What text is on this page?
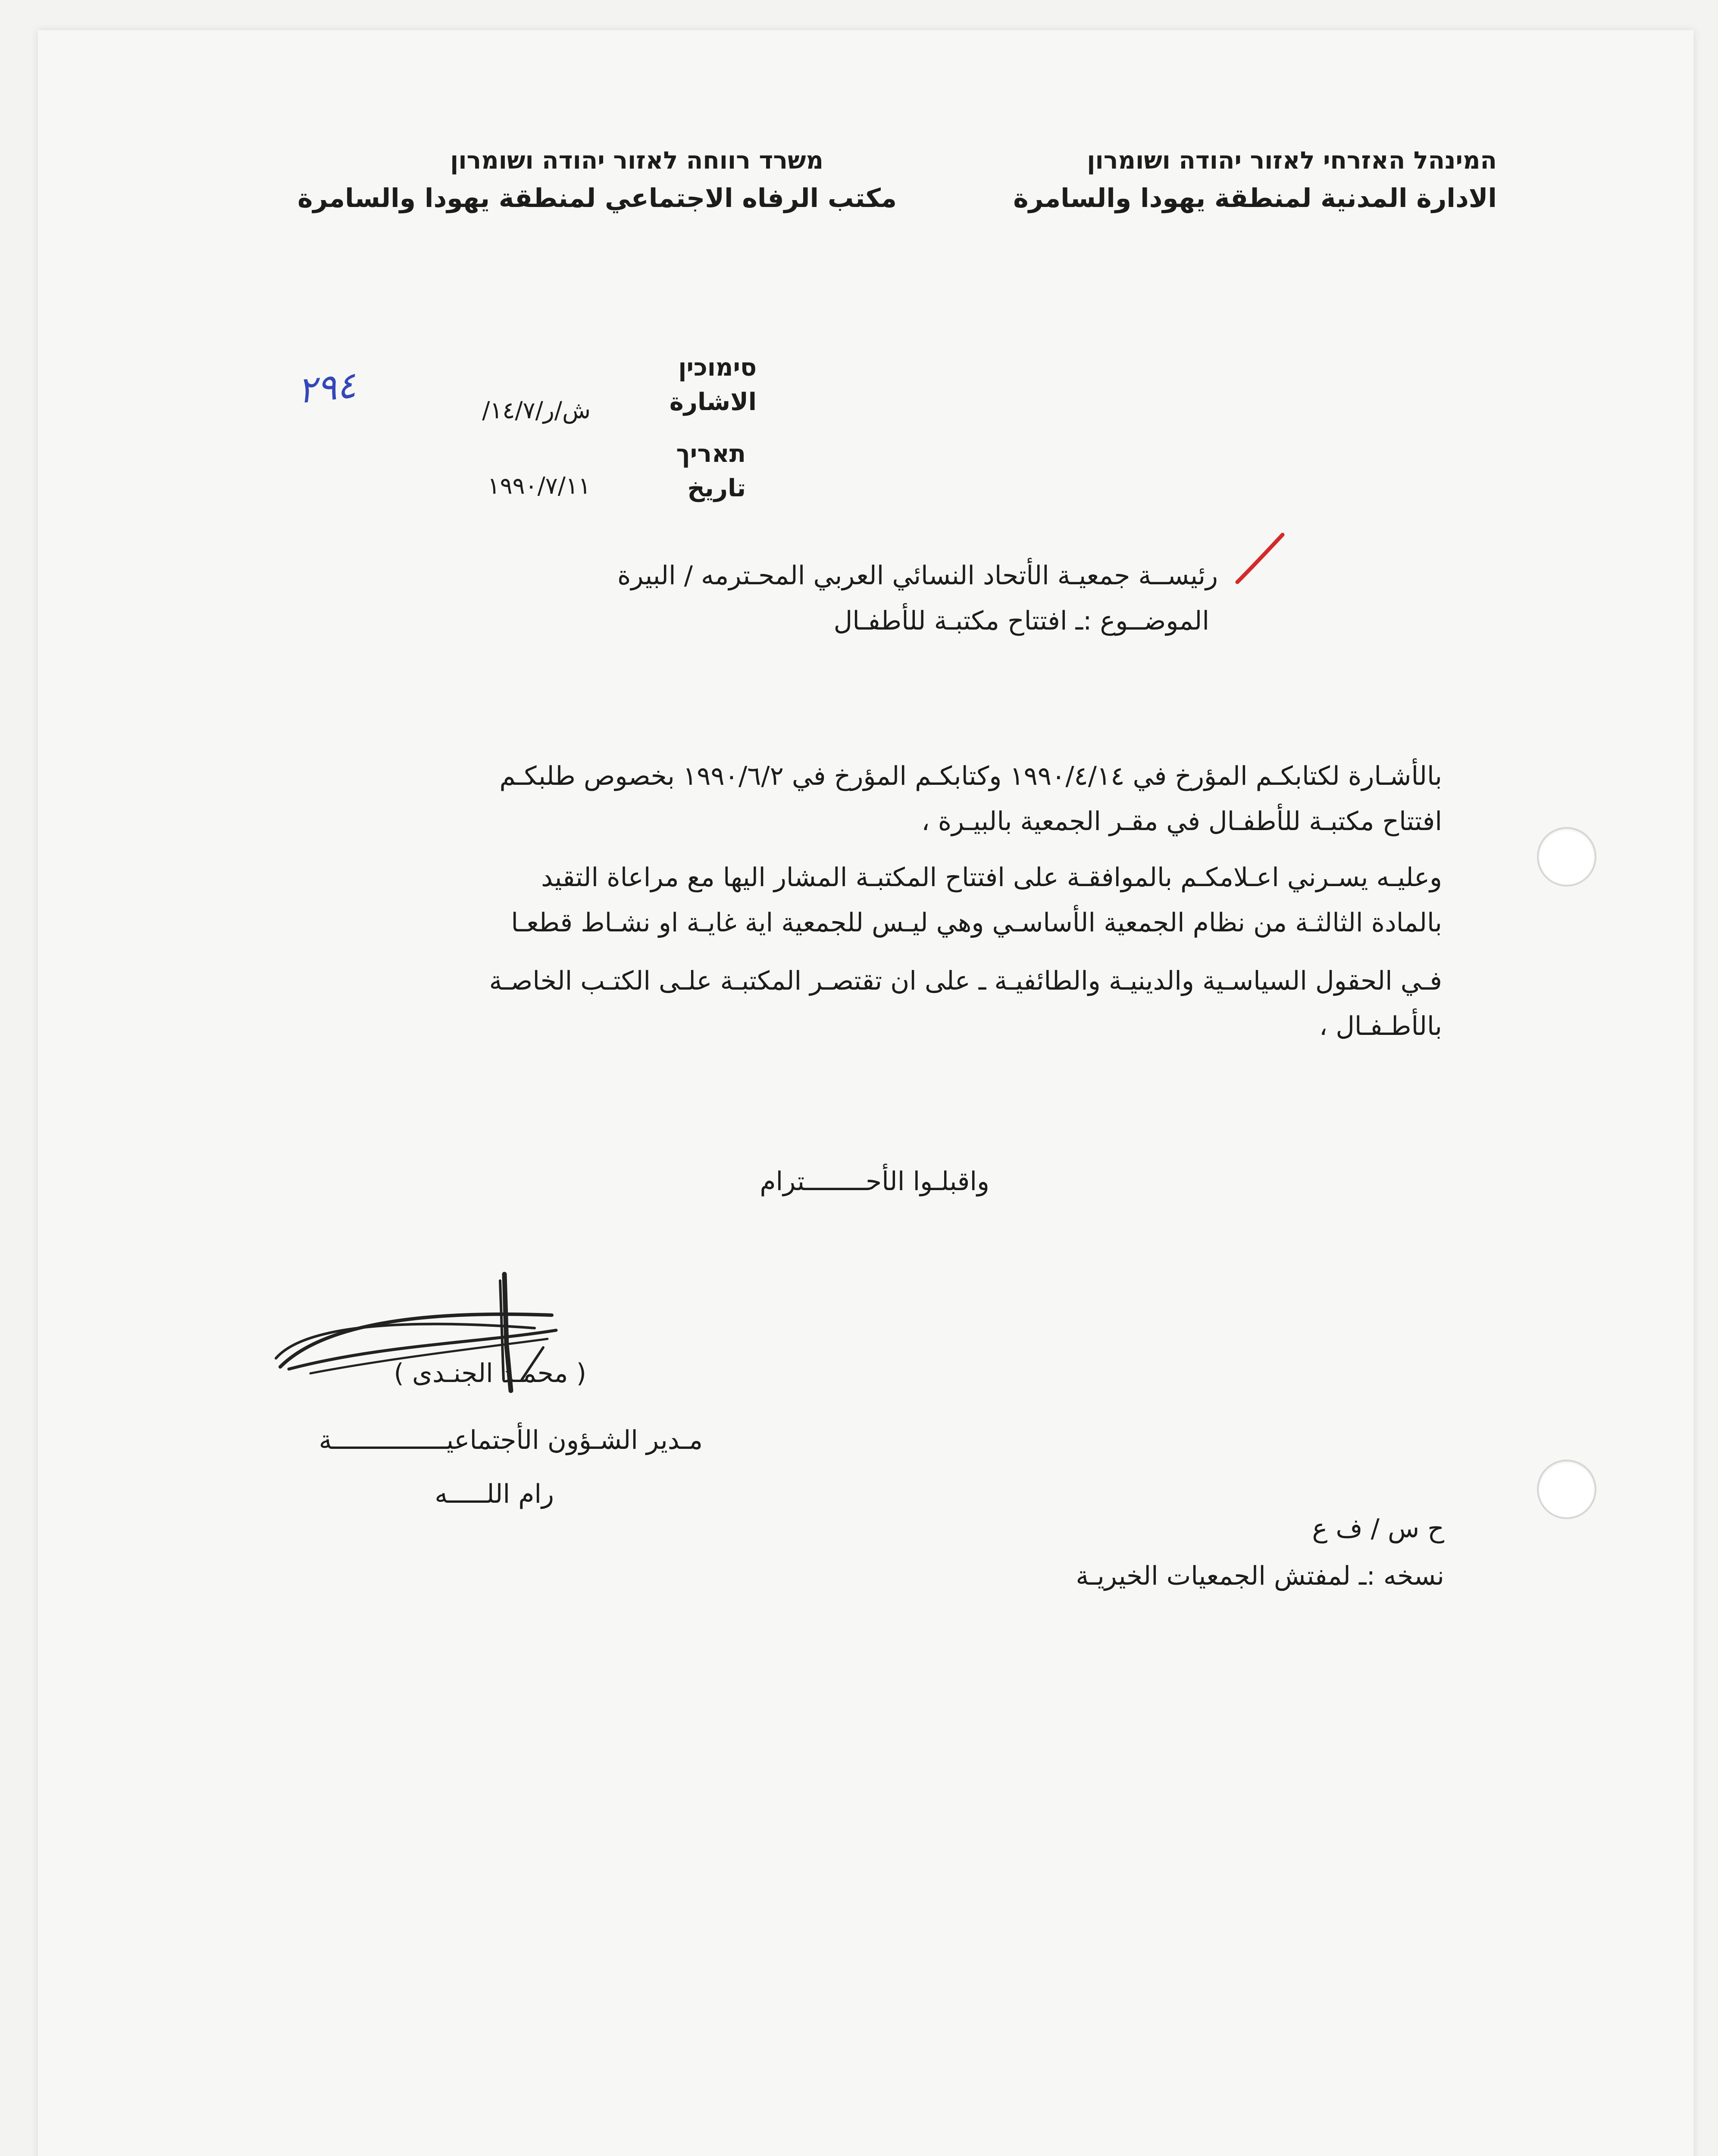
המינהל האזרחי לאזור יהודה ושומרון
الادارة المدنية لمنطقة يهودا والسامرة
משרד רווחה לאזור יהודה ושומרון
مكتب الرفاه الاجتماعي لمنطقة يهودا والسامرة
סימוכין
الاشارة
ش/ر/١٤/٧/
٢٩٤
תאריך
تاريخ
١٩٩٠/٧/١١
رئيســة جمعيـة الأتحاد النسائي العربي المحـترمه / البيرة
الموضــوع :ـ افتتاح مكتبـة للأطفـال
بالأشـارة لكتابكـم المؤرخ في ١٩٩٠/٤/١٤ وكتابكـم المؤرخ في ١٩٩٠/٦/٢ بخصوص طلبكـم
افتتاح مكتبـة للأطفـال في مقـر الجمعية بالبيـرة ،
وعليـه يسـرني اعـلامكـم بالموافقـة على افتتاح المكتبـة المشار اليها مع مراعاة التقيد
بالمادة الثالثـة من نظام الجمعية الأساسـي وهي ليـس للجمعية اية غايـة او نشـاط قطعـا
فـي الحقول السياسـية والدينيـة والطائفيـة ـ على ان تقتصـر المكتبـة علـى الكتـب الخاصـة
بالأطـفـال ،
واقبلـوا الأحــــــــترام
( محمـد الجنـدى )
مـدير الشـؤون الأجتماعيـــــــــــــــة
رام اللـــــه
ح س / ف ع
نسخه :ـ لمفتش الجمعيات الخيريـة
